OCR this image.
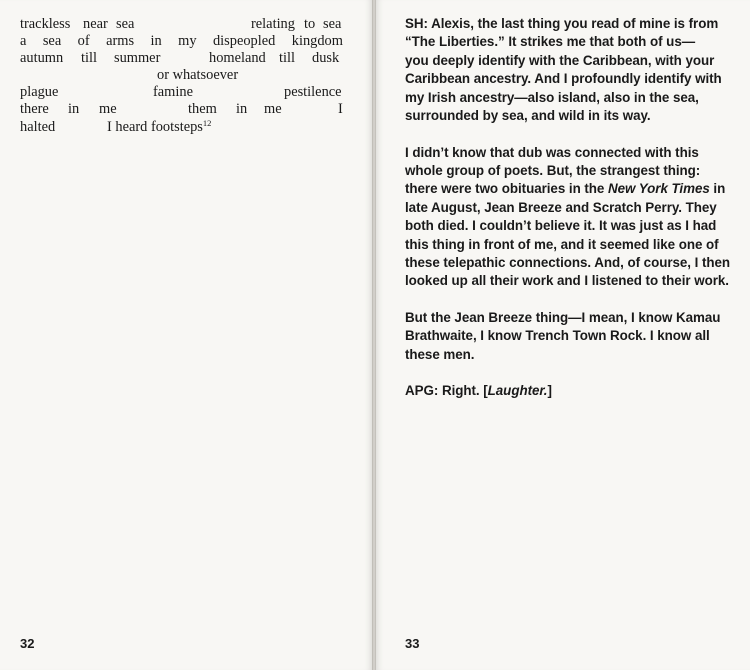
trackless near sea	relating to sea
a sea of arms in my dispeopled kingdom
autumn till summer	homeland till dusk
or whatsoever
plague	famine	pestilence
there in me	them in me	I
halted	I heard footsteps$^{12}$
32

SH: Alexis, the last thing you read of mine is from
“The Liberties.” It strikes me that both of us—
you deeply identify with the Caribbean, with your
Caribbean ancestry. And I profoundly identify with
my Irish ancestry—also island, also in the sea,
surrounded by sea, and wild in its way.

I didn’t know that dub was connected with this
whole group of poets. But, the strangest thing:
there were two obituaries in the New York Times in
late August, Jean Breeze and Scratch Perry. They
both died. I couldn’t believe it. It was just as I had
this thing in front of me, and it seemed like one of
these telepathic connections. And, of course, I then
looked up all their work and I listened to their work.

But the Jean Breeze thing—I mean, I know Kamau
Brathwaite, I know Trench Town Rock. I know all
these men.

APG: Right. [Laughter.]

33
